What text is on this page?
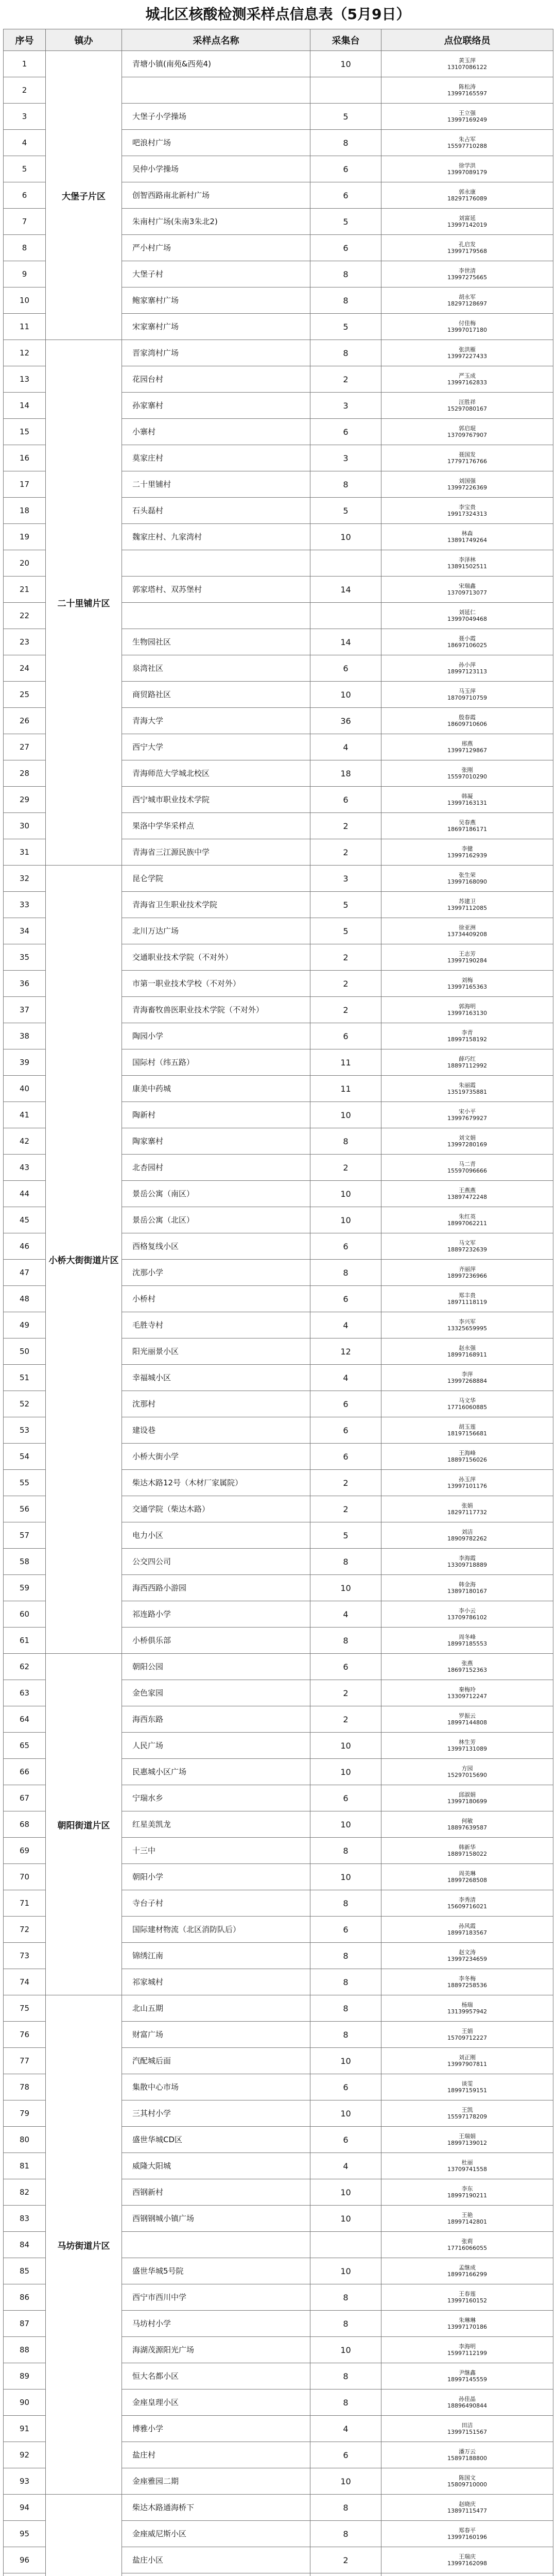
城北区核酸检测采样点信息表（5月9日）
序号	镇办	采样点名称	采集台	点位联络员
1	大堡子片区	青塘小镇(南苑&西苑4)	10	黄玉萍
13107086122

2				陈松涛
13997165597

3		大堡子小学操场	5	王立强
13997169249

4		吧浪村广场	8	朱占军
15597710288

5		吴仲小学操场	6	徐学洪
13997089179

6		创智西路南北新村广场	6	郭永康
18297176089

7		朱南村广场(朱南3朱北2)	5	刘富延
13997142019

8		严小村广场	6	孔启发
13997179568

9		大堡子村	8	李世清
13997275665

10		鲍家寨村广场	8	胡永军
18297128697

11		宋家寨村广场	5	付佳梅
13997017180

12	二十里铺片区	晋家湾村广场	8	张洪雁
13997227433

13		花园台村	2	严玉成
13997162833

14		孙家寨村	3	汪胜祥
15297080167

15		小寨村	6	郭启琨
13709767907

16		莫家庄村	3	聂国发
17797176766

17		二十里铺村	8	刘国强
13997226369

18		石头磊村	5	李宝贵
19917324313

19		魏家庄村、九家湾村	10	林森
13891749264

20				李泽林
13891502511

21		郭家塔村、双苏堡村	14	宋瑞鑫
13709713077

22				刘延仁
13997049468

23		生物园社区	14	聂小霞
18697106025

24		泉湾社区	6	孙小萍
18997123113

25		商贸路社区	10	马玉萍
18709710759

26		青海大学	36	殷春霞
18609710606

27		西宁大学	4	邢燕
13997129867

28		青海师范大学城北校区	18	张刚
15597010290

29		西宁城市职业技术学院	6	韩凝
13997163131

30		果洛中学华采样点	2	吴春燕
18697186171

31		青海省三江源民族中学	2	李健
13997162939

32	小桥大街街道片区	昆仑学院	3	张生荣
13997168090

33		青海省卫生职业技术学院	5	苏建卫
13997112085

34		北川万达广场	5	徐亚洲
13734409208

35		交通职业技术学院（不对外）	2	王志芳
13997190284

36		市第一职业技术学校（不对外）	2	刘梅
13997165363

37		青海畜牧兽医职业技术学院（不对外）	2	郭海明
13997163130

38		陶园小学	6	李青
18997158192

39		国际村（纬五路）	11	薛巧红
18897112992

40		康美中药城	11	朱丽霞
13519735881

41		陶新村	10	宋小平
13997679927

42		陶家寨村	8	刘文娟
13997280169

43		北杏园村	2	马二青
15597096666

44		景岳公寓（南区）	10	王燕燕
13897472248

45		景岳公寓（北区）	10	朱红英
18997062211

46		西格复线小区	6	马文军
18897232639

47		沈那小学	8	齐丽萍
18997236966

48		小桥村	6	郑丰贵
18971118119

49		毛胜寺村	4	李兴军
13325659995

50		阳光丽景小区	12	赵永强
18997168911

51		幸福城小区	4	李萍
13997268884

52		沈那村	6	马文华
17716060885

53		建设巷	6	胡玉莲
18197156681

54		小桥大街小学	6	王海峰
18897156026

55		柴达木路12号（木材厂家属院）	2	孙玉萍
13997101176

56		交通学院（柴达木路）	2	张娟
18297117732

57		电力小区	5	刘洁
18909782262

58		公交四公司	8	李海霞
13309718889

59		海西西路小游园	10	韩金海
13897180167

60		祁连路小学	4	李小云
13709786102

61		小桥俱乐部	8	周冬峰
18997185553

62	朝阳街道片区	朝阳公园	6	张燕
18697152363

63		金色家园	2	秦梅玲
13309712247

64		海西东路	2	罗振云
18997144808

65		人民广场	10	林生芳
13997131089

66		民惠城小区广场	10	方园
15297015690

67		宁瑞水乡	6	邱淑娟
13997180699

68		红星美凯龙	10	何敏
18897639587

69		十三中	8	韩新华
18897158022

70		朝阳小学	10	周美琳
18997268508

71		寺台子村	8	李秀清
15609716021

72		国际建材物流（北区消防队后）	6	孙风霞
18997183567

73		锦绣江南	8	赵文涛
13997234659

74		祁家城村	8	李冬梅
18897258536

75	马坊街道片区	北山五期	8	杨瑞
13139957942

76		财富广场	8	王娟
15709712227

77		汽配城后面	10	刘正刚
13997907811

78		集散中心市场	6	谈雯
18997159151

79		三其村小学	10	王凯
15597178209

80		盛世华城CD区	6	王瑞娟
18997139012

81		威隆大阳城	4	杜丽
13709741558

82		西钢新村	10	李东
18997190211

83		西钢钢城小镇广场	10	王艳
18997142801

84				张莉
17716066055

85		盛世华城5号院	10	孟继成
18997166299

86		西宁市西川中学	8	王春莲
13997160152

87		马坊村小学	8	朱琳琳
13997170186

88		海湖茂源阳光广场	10	李海明
15997112199

89		恒大名都小区	8	尹继鑫
18997145559

90		金座皇理小区	8	孙佳晶
18896490844

91		博雅小学	4	田洁
13997151567

92		盐庄村	6	潘万云
15897188800

93		金座雅园二期	10	陈国文
15809710000

94		柴达木路通海桥下	8	赵晓庆
13897115477

95		金座威尼斯小区	8	郑春平
13997160196

96		盐庄小区	2	王瑞庆
13997162098
